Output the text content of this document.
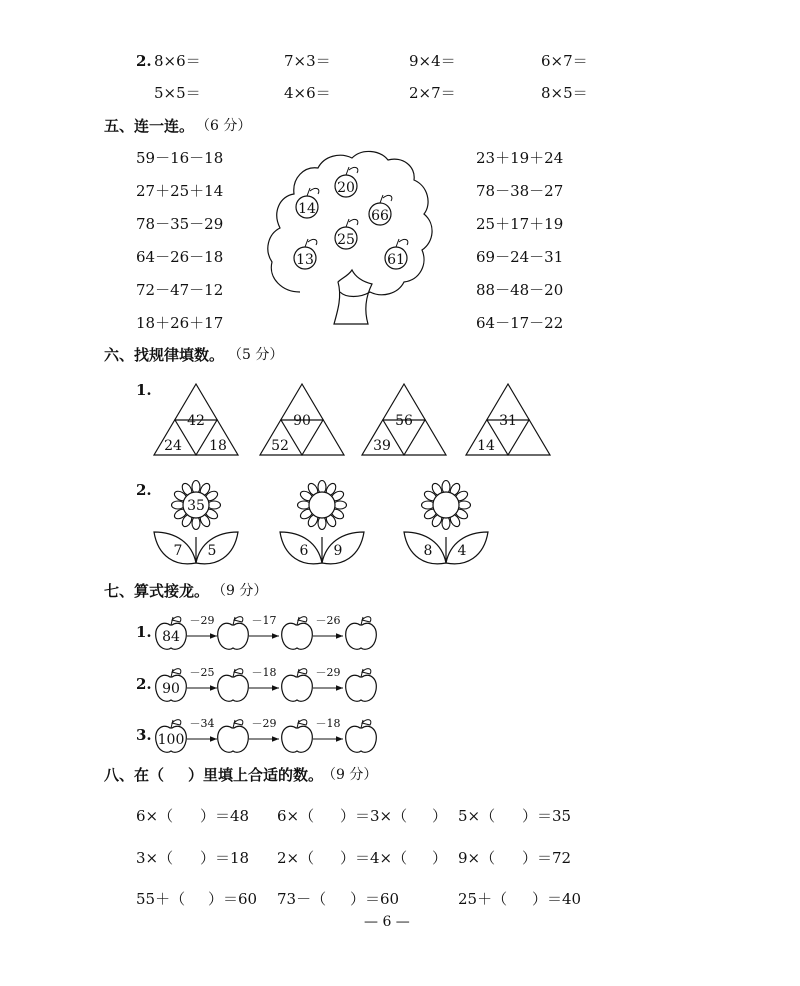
2. 8×6＝	7×3＝	9×4＝	6×7＝
5×5＝	4×6＝	2×7＝	8×5＝
五、连一连。 （6 分）
59－16－18
27＋25＋14
78－35－29
64－26－18
72－47－12
18＋26＋17
23＋19＋24
78－38－27
25＋17＋19
69－24－31
88－48－20
64－17－22
20
14	66
25
13	61
六、找规律填数。 （5 分）
1.
42
24 18
90
52
56
39
31
14
2.
35
7 5	6 9	8 4
七、算式接龙。 （9 分）
1.
2.
3.
84
90
100
－29	－17	－26
－25	－18	－29
－34	－29	－18
八、在（ ）里填上合适的数。
（9 分）
6×（ ）＝48 6×（ ）＝3×（ ） 5×（ ）＝35
3×（ ）＝18 2×（ ）＝4×（ ） 9×（ ）＝72
55＋（ ）＝60 73－（ ）＝60	25＋（ ）＝40
— 6 —
